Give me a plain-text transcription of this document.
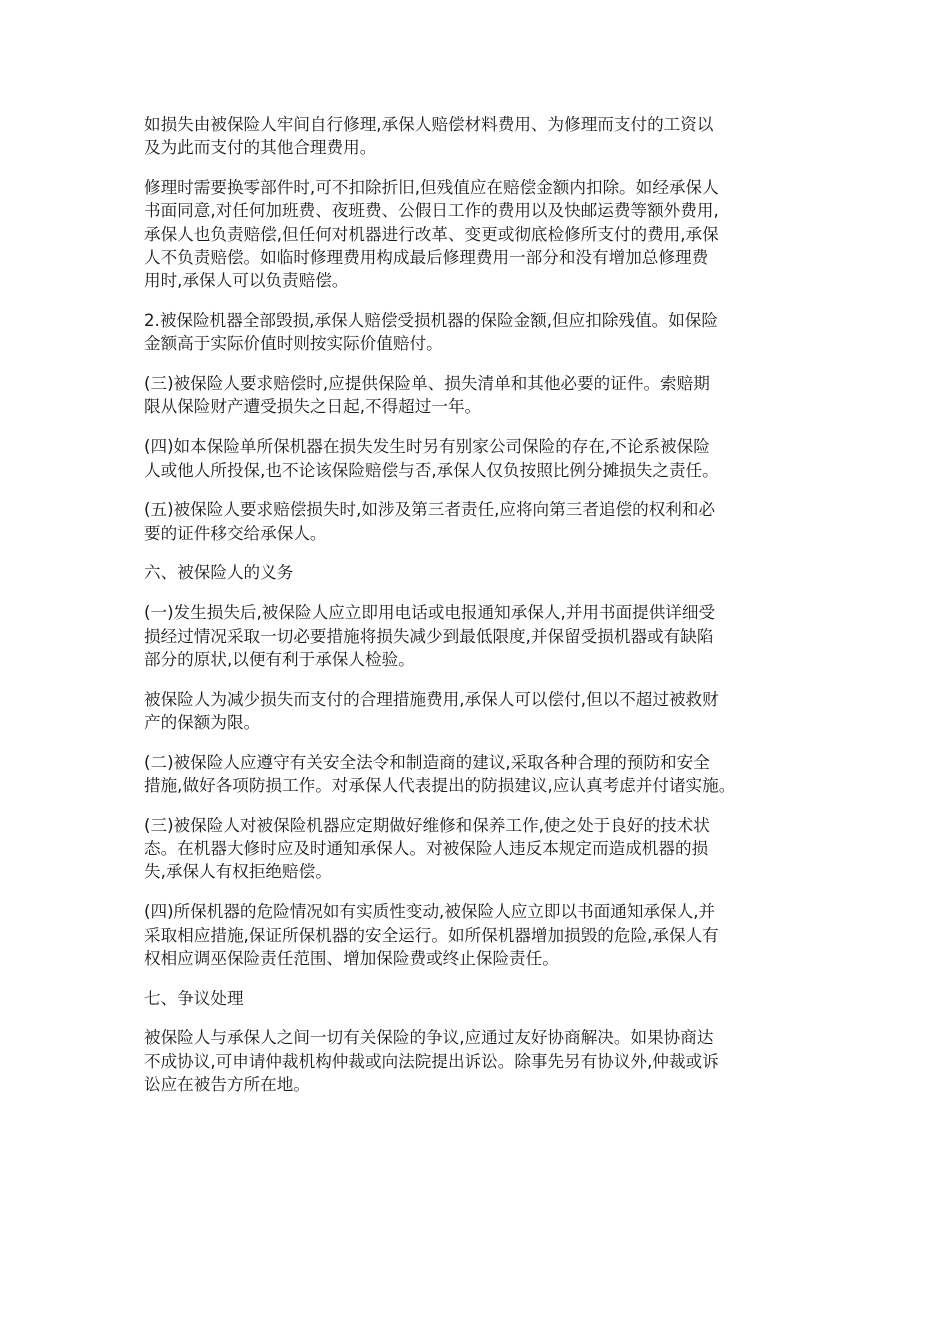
如损失由被保险人牢间自行修理,承保人赔偿材料费用、为修理而支付的工资以
及为此而支付的其他合理费用。

修理时需要换零部件时,可不扣除折旧,但残值应在赔偿金额内扣除。如经承保人
书面同意,对任何加班费、夜班费、公假日工作的费用以及快邮运费等额外费用,
承保人也负责赔偿,但任何对机器进行改革、变更或彻底检修所支付的费用,承保
人不负责赔偿。如临时修理费用构成最后修理费用一部分和没有增加总修理费
用时,承保人可以负责赔偿。

2.被保险机器全部毁损,承保人赔偿受损机器的保险金额,但应扣除残值。如保险
金额高于实际价值时则按实际价值赔付。

(三)被保险人要求赔偿时,应提供保险单、损失清单和其他必要的证件。索赔期
限从保险财产遭受损失之日起,不得超过一年。

(四)如本保险单所保机器在损失发生时另有别家公司保险的存在,不论系被保险
人或他人所投保,也不论该保险赔偿与否,承保人仅负按照比例分摊损失之责任。

(五)被保险人要求赔偿损失时,如涉及第三者责任,应将向第三者追偿的权利和必
要的证件移交给承保人。

六、被保险人的义务

(一)发生损失后,被保险人应立即用电话或电报通知承保人,并用书面提供详细受
损经过情况采取一切必要措施将损失减少到最低限度,并保留受损机器或有缺陷
部分的原状,以便有利于承保人检验。

被保险人为减少损失而支付的合理措施费用,承保人可以偿付,但以不超过被救财
产的保额为限。

(二)被保险人应遵守有关安全法令和制造商的建议,采取各种合理的预防和安全
措施,做好各项防损工作。对承保人代表提出的防损建议,应认真考虑并付诸实施。

(三)被保险人对被保险机器应定期做好维修和保养工作,使之处于良好的技术状
态。在机器大修时应及时通知承保人。对被保险人违反本规定而造成机器的损
失,承保人有权拒绝赔偿。

(四)所保机器的危险情况如有实质性变动,被保险人应立即以书面通知承保人,并
采取相应措施,保证所保机器的安全运行。如所保机器增加损毁的危险,承保人有
权相应调巫保险责任范围、增加保险费或终止保险责任。

七、争议处理

被保险人与承保人之间一切有关保险的争议,应通过友好协商解决。如果协商达
不成协议,可申请仲裁机构仲裁或向法院提出诉讼。除事先另有协议外,仲裁或诉
讼应在被告方所在地。
